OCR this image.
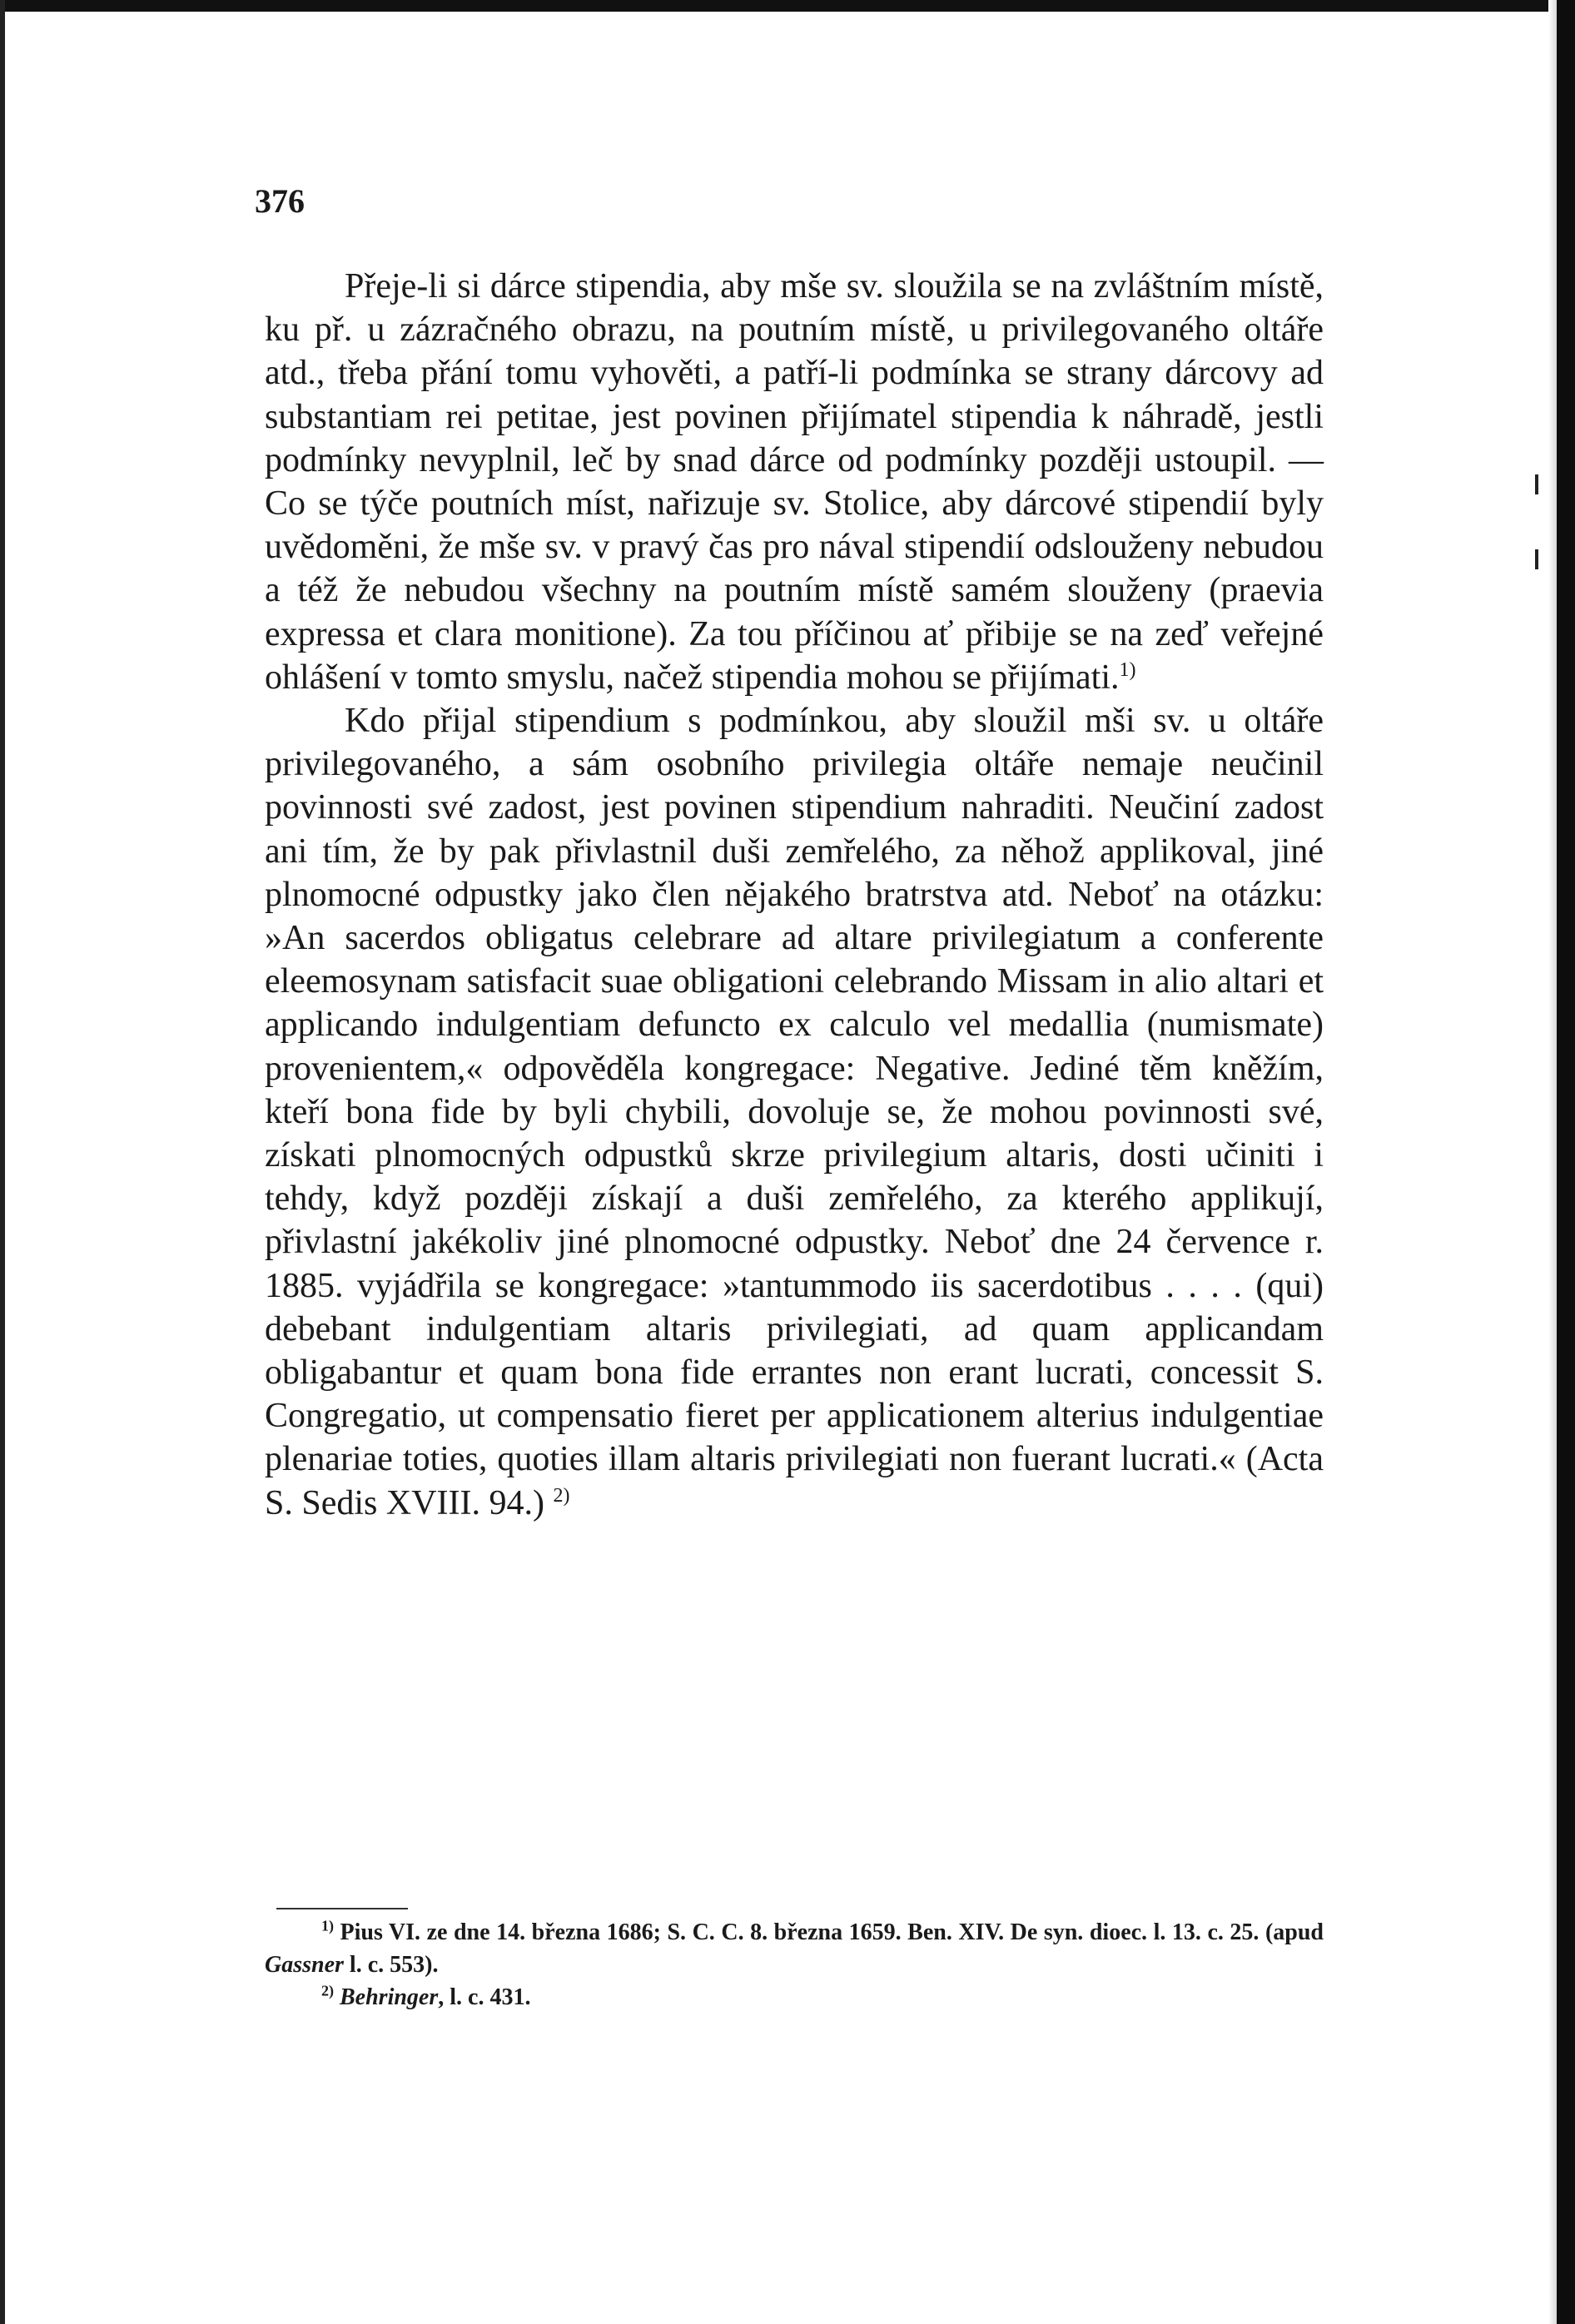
376

Přeje-li si dárce stipendia, aby mše sv. sloužila se na zvláštním místě, ku př. u zázračného obrazu, na poutním místě, u privilegovaného oltáře atd., třeba přání tomu vyhověti, a patří-li podmínka se strany dárcovy ad substantiam rei petitae, jest povinen přijímatel stipendia k náhradě, jestli podmínky nevyplnil, leč by snad dárce od podmínky později ustoupil. — Co se týče poutních míst, nařizuje sv. Stolice, aby dárcové stipendií byly uvědoměni, že mše sv. v pravý čas pro nával stipendií odslouženy nebudou a též že nebudou všechny na poutním místě samém slouženy (praevia expressa et clara monitione). Za tou příčinou ať přibije se na zeď veřejné ohlášení v tomto smyslu, načež stipendia mohou se přijímati.$^{1)}$

Kdo přijal stipendium s podmínkou, aby sloužil mši sv. u oltáře privilegovaného, a sám osobního privilegia oltáře nemaje neučinil povinnosti své zadost, jest povinen stipendium nahraditi. Neučiní zadost ani tím, že by pak přivlastnil duši zemřelého, za něhož applikoval, jiné plnomocné odpustky jako člen nějakého bratrstva atd. Neboť na otázku: »An sacerdos obligatus celebrare ad altare privilegiatum a conferente eleemosynam satisfacit suae obligationi celebrando Missam in alio altari et applicando indulgentiam defuncto ex calculo vel medallia (numismate) provenientem,« odpověděla kongregace: Negative. Jediné těm kněžím, kteří bona fide by byli chybili, dovoluje se, že mohou povinnosti své, získati plnomocných odpustků skrze privilegium altaris, dosti učiniti i tehdy, když později získají a duši zemřelého, za kterého applikují, přivlastní jakékoliv jiné plnomocné odpustky. Neboť dne 24 července r. 1885. vyjádřila se kongregace: »tantummodo iis sacerdotibus . . . . (qui) debebant indulgentiam altaris privilegiati, ad quam applicandam obligabantur et quam bona fide errantes non erant lucrati, concessit S. Congregatio, ut compensatio fieret per applicationem alterius indulgentiae plenariae toties, quoties illam altaris privilegiati non fuerant lucrati.« (Acta S. Sedis XVIII. 94.) $^{2)}$

$^{1)}$ Pius VI. ze dne 14. března 1686; S. C. C. 8. března 1659. Ben. XIV. De syn. dioec. l. 13. c. 25. (apud Gassner l. c. 553).

$^{2)}$ Behringer, l. c. 431.
